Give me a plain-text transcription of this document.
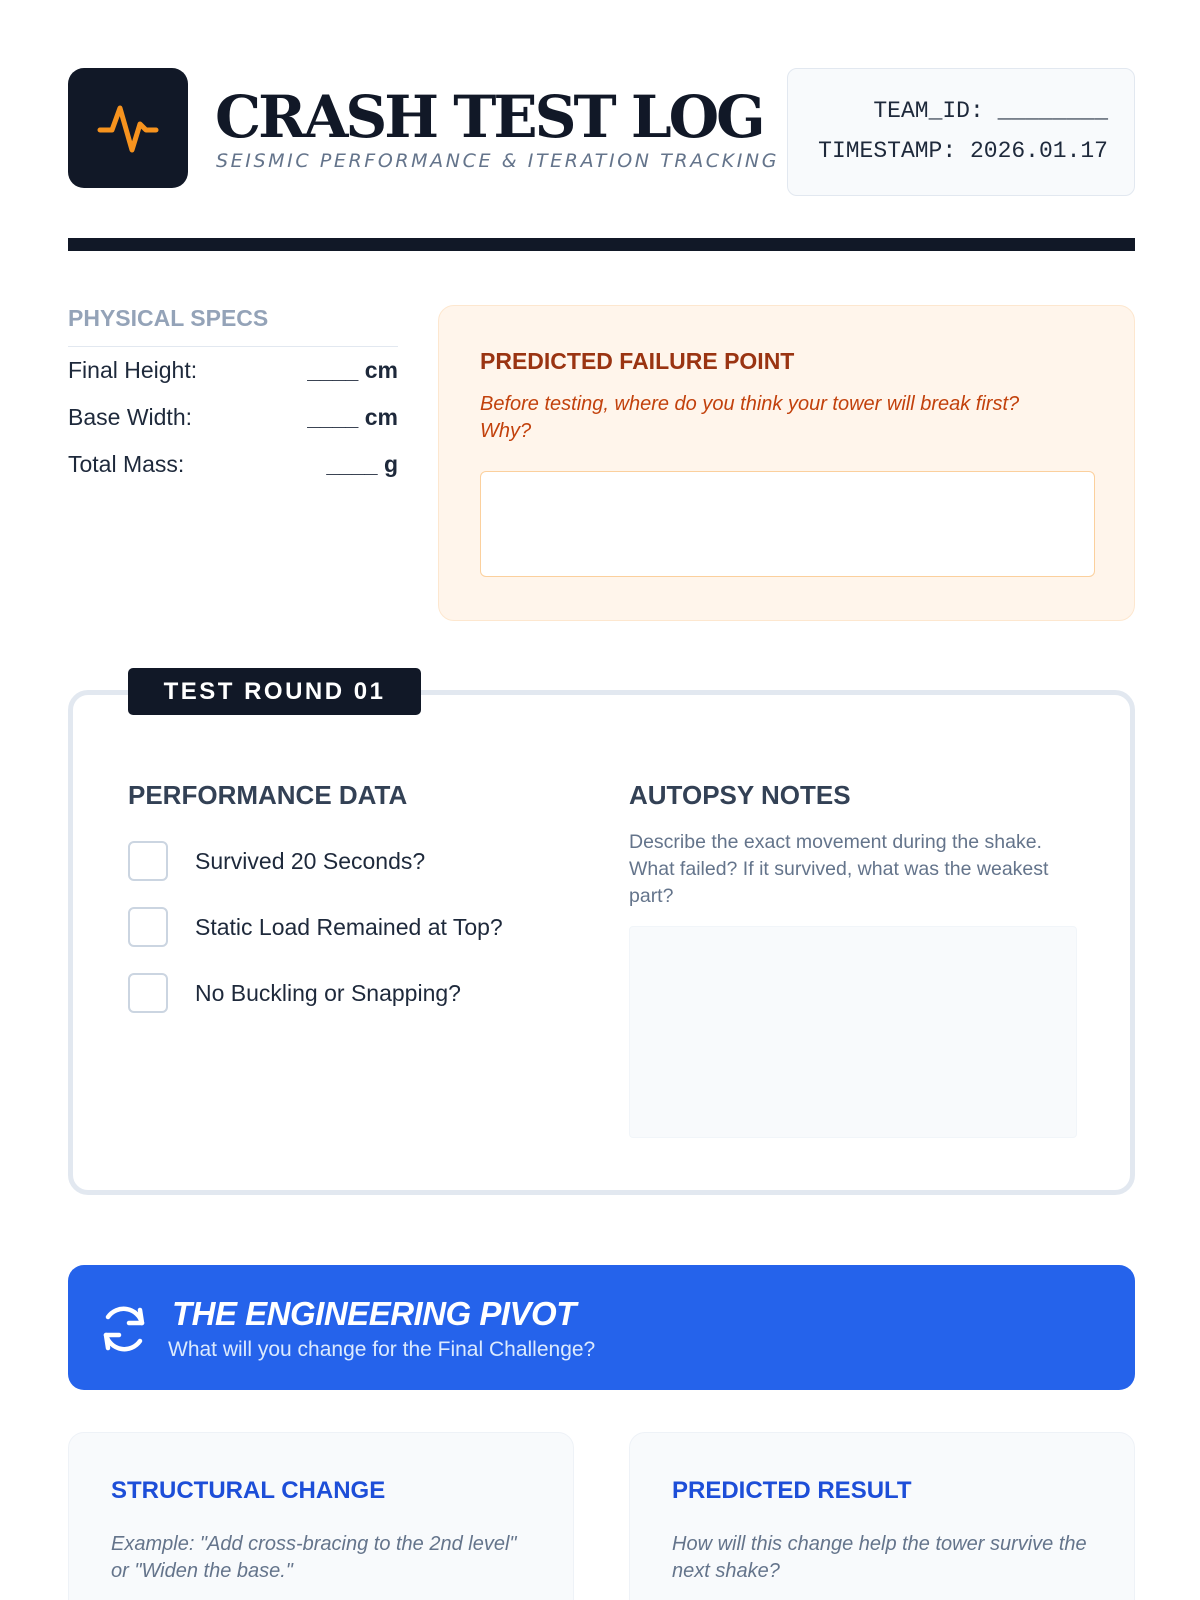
CRASH TEST LOG
SEISMIC PERFORMANCE & ITERATION TRACKING
TEAM_ID: ________
TIMESTAMP: 2026.01.17
PHYSICAL SPECS
Final Height:	____ cm
Base Width:	____ cm
Total Mass:	____ g
PREDICTED FAILURE POINT
Before testing, where do you think your tower will break first? Why?
TEST ROUND 01
PERFORMANCE DATA
Survived 20 Seconds?
Static Load Remained at Top?
No Buckling or Snapping?
AUTOPSY NOTES
Describe the exact movement during the shake. What failed? If it survived, what was the weakest part?
THE ENGINEERING PIVOT
What will you change for the Final Challenge?
STRUCTURAL CHANGE
Example: "Add cross-bracing to the 2nd level" or "Widen the base."
PREDICTED RESULT
How will this change help the tower survive the next shake?
